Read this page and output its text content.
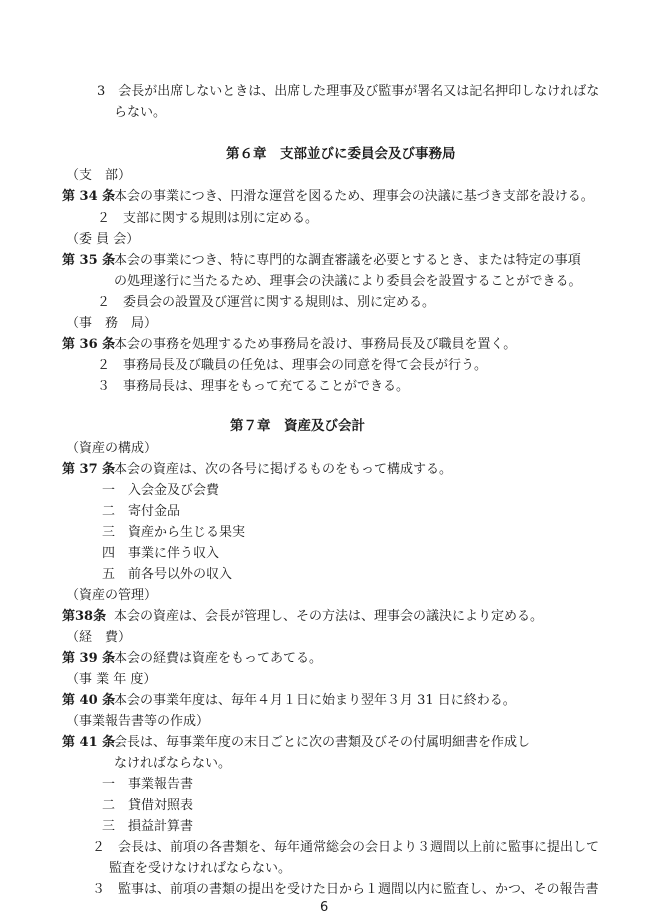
3　会長が出席しないときは、出席した理事及び監事が署名又は記名押印しなければな
らない。
第６章　支部並びに委員会及び事務局
（支　部）
第 34 条本会の事業につき、円滑な運営を図るため、理事会の決議に基づき支部を設ける。
２　支部に関する規則は別に定める。
（委 員 会）
第 35 条本会の事業につき、特に専門的な調査審議を必要とするとき、または特定の事項
の処理遂行に当たるため、理事会の決議により委員会を設置することができる。
２　委員会の設置及び運営に関する規則は、別に定める。
（事　務　局）
第 36 条本会の事務を処理するため事務局を設け、事務局長及び職員を置く。
２　事務局長及び職員の任免は、理事会の同意を得て会長が行う。
３　事務局長は、理事をもって充てることができる。
第７章　資産及び会計
（資産の構成）
第 37 条本会の資産は、次の各号に掲げるものをもって構成する。
一　入会金及び会費
二　寄付金品
三　資産から生じる果実
四　事業に伴う収入
五　前各号以外の収入
（資産の管理）
第38条 本会の資産は、会長が管理し、その方法は、理事会の議決により定める。
（経　費）
第 39 条本会の経費は資産をもってあてる。
（事 業 年 度）
第 40 条本会の事業年度は、毎年４月１日に始まり翌年３月 31 日に終わる。
（事業報告書等の作成）
第 41 条会長は、毎事業年度の末日ごとに次の書類及びその付属明細書を作成し
なければならない。
一　事業報告書
二　貸借対照表
三　損益計算書
２　会長は、前項の各書類を、毎年通常総会の会日より３週間以上前に監事に提出して
監査を受けなければならない。
３　監事は、前項の書類の提出を受けた日から１週間以内に監査し、かつ、その報告書
6
